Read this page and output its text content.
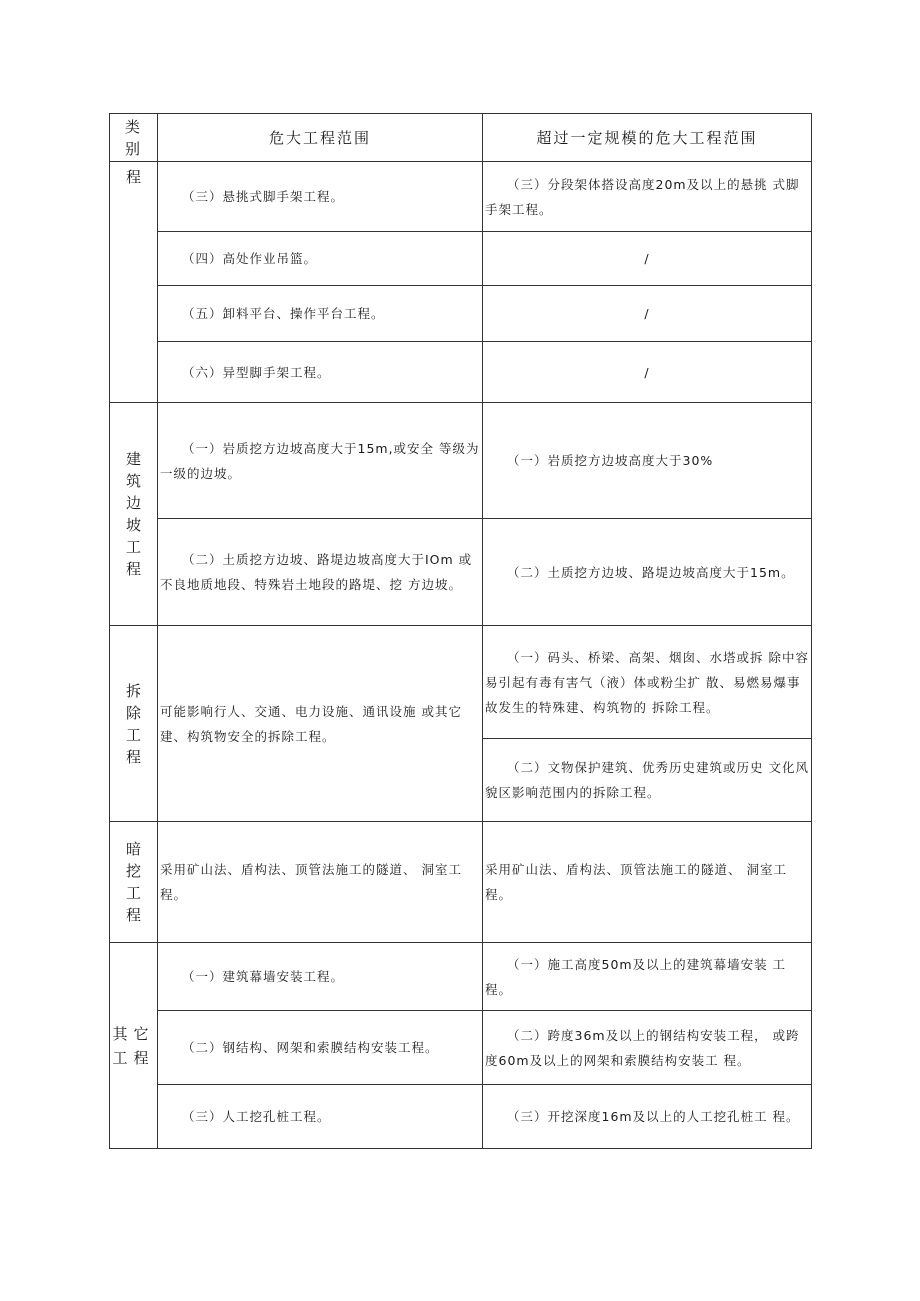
类别	危大工程范围	超过一定规模的危大工程范围
程	（三）悬挑式脚手架工程。	（三）分段架体搭设高度20m及以上的悬挑 式脚手架工程。
	（四）高处作业吊篮。	/
	（五）卸料平台、操作平台工程。	/
	（六）异型脚手架工程。	/
建筑边坡工程	（一）岩质挖方边坡高度大于15m,或安全 等级为一级的边坡。	（一）岩质挖方边坡高度大于30%
	（二）土质挖方边坡、路堤边坡高度大于IOm 或不良地质地段、特殊岩土地段的路堤、挖 方边坡。	（二）土质挖方边坡、路堤边坡高度大于15m。
拆除工程	可能影响行人、交通、电力设施、通讯设施 或其它建、构筑物安全的拆除工程。	（一）码头、桥梁、高架、烟囱、水塔或拆 除中容易引起有毒有害气（液）体或粉尘扩 散、易燃易爆事故发生的特殊建、构筑物的 拆除工程。
		（二）文物保护建筑、优秀历史建筑或历史 文化风貌区影响范围内的拆除工程。
暗挖工程	采用矿山法、盾构法、顶管法施工的隧道、 洞室工程。	采用矿山法、盾构法、顶管法施工的隧道、 洞室工程。
其它工程	（一）建筑幕墙安装工程。	（一）施工高度50m及以上的建筑幕墙安装 工程。
	（二）钢结构、网架和索膜结构安装工程。	（二）跨度36m及以上的钢结构安装工程， 或跨度60m及以上的网架和索膜结构安装工 程。
	（三）人工挖孔桩工程。	（三）开挖深度16m及以上的人工挖孔桩工 程。
